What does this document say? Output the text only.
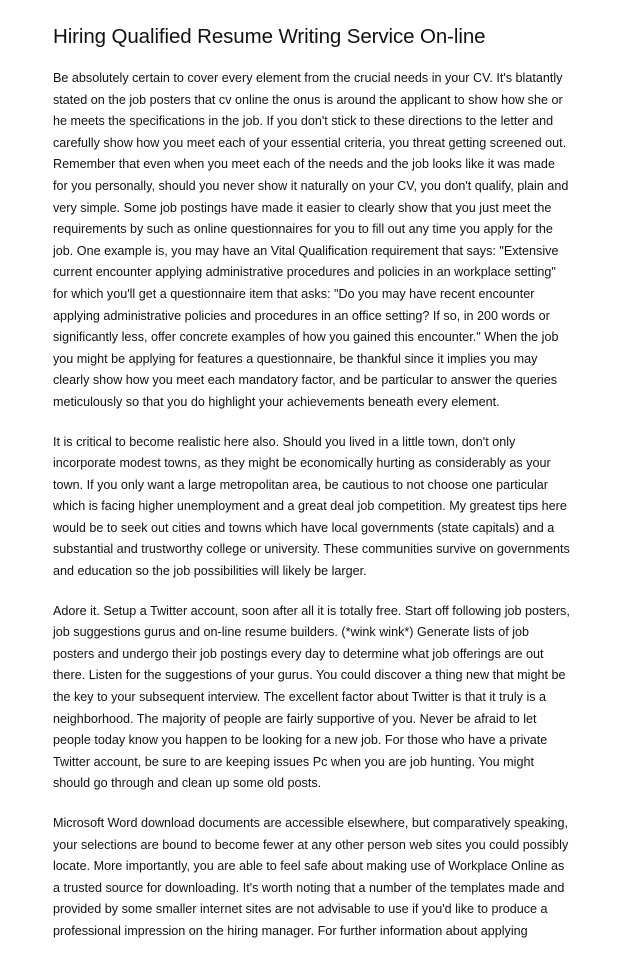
Hiring Qualified Resume Writing Service On-line

Be absolutely certain to cover every element from the crucial needs in your CV. It's blatantly
stated on the job posters that cv online the onus is around the applicant to show how she or
he meets the specifications in the job. If you don't stick to these directions to the letter and
carefully show how you meet each of your essential criteria, you threat getting screened out.
Remember that even when you meet each of the needs and the job looks like it was made
for you personally, should you never show it naturally on your CV, you don't qualify, plain and
very simple. Some job postings have made it easier to clearly show that you just meet the
requirements by such as online questionnaires for you to fill out any time you apply for the
job. One example is, you may have an Vital Qualification requirement that says: "Extensive
current encounter applying administrative procedures and policies in an workplace setting"
for which you'll get a questionnaire item that asks: "Do you may have recent encounter
applying administrative policies and procedures in an office setting? If so, in 200 words or
significantly less, offer concrete examples of how you gained this encounter." When the job
you might be applying for features a questionnaire, be thankful since it implies you may
clearly show how you meet each mandatory factor, and be particular to answer the queries
meticulously so that you do highlight your achievements beneath every element.

It is critical to become realistic here also. Should you lived in a little town, don't only
incorporate modest towns, as they might be economically hurting as considerably as your
town. If you only want a large metropolitan area, be cautious to not choose one particular
which is facing higher unemployment and a great deal job competition. My greatest tips here
would be to seek out cities and towns which have local governments (state capitals) and a
substantial and trustworthy college or university. These communities survive on governments
and education so the job possibilities will likely be larger.

Adore it. Setup a Twitter account, soon after all it is totally free. Start off following job posters,
job suggestions gurus and on-line resume builders. (*wink wink*) Generate lists of job
posters and undergo their job postings every day to determine what job offerings are out
there. Listen for the suggestions of your gurus. You could discover a thing new that might be
the key to your subsequent interview. The excellent factor about Twitter is that it truly is a
neighborhood. The majority of people are fairly supportive of you. Never be afraid to let
people today know you happen to be looking for a new job. For those who have a private
Twitter account, be sure to are keeping issues Pc when you are job hunting. You might
should go through and clean up some old posts.

Microsoft Word download documents are accessible elsewhere, but comparatively speaking,
your selections are bound to become fewer at any other person web sites you could possibly
locate. More importantly, you are able to feel safe about making use of Workplace Online as
a trusted source for downloading. It's worth noting that a number of the templates made and
provided by some smaller internet sites are not advisable to use if you'd like to produce a
professional impression on the hiring manager. For further information about applying
